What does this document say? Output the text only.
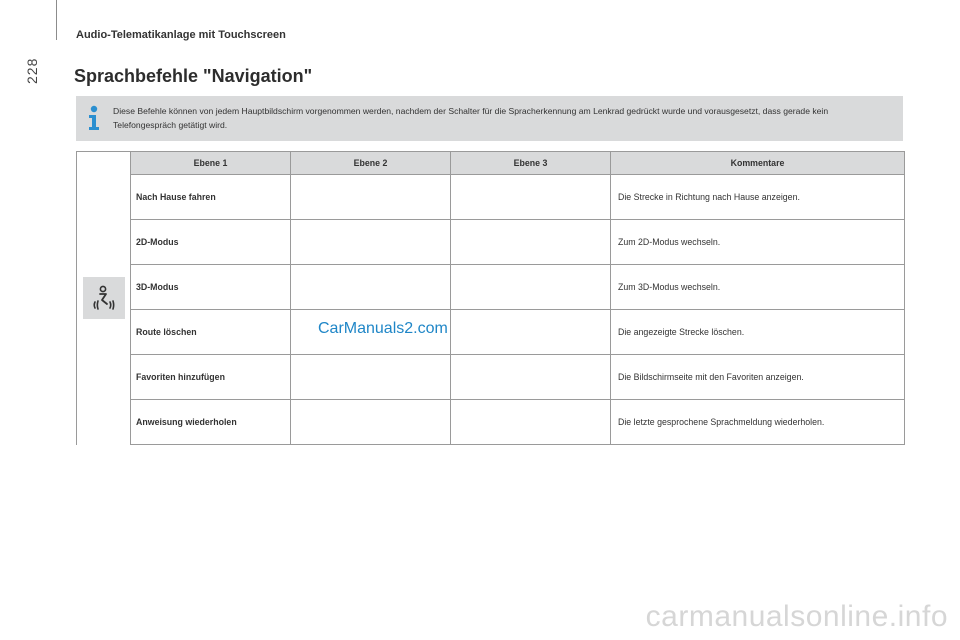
228
Audio-Telematikanlage mit Touchscreen
Sprachbefehle "Navigation"
Diese Befehle können von jedem Hauptbildschirm vorgenommen werden, nachdem der Schalter für die Spracherkennung am Lenkrad gedrückt wurde und vorausgesetzt, dass gerade kein Telefongespräch getätigt wird.
	Ebene 1	Ebene 2	Ebene 3	Kommentare
	Nach Hause fahren			Die Strecke in Richtung nach Hause anzeigen.
	2D-Modus			Zum 2D-Modus wechseln.
	3D-Modus			Zum 3D-Modus wechseln.
	Route löschen			Die angezeigte Strecke löschen.
	Favoriten hinzufügen			Die Bildschirmseite mit den Favoriten anzeigen.
	Anweisung wiederholen			Die letzte gesprochene Sprachmeldung wiederholen.
CarManuals2.com
carmanualsonline.info
